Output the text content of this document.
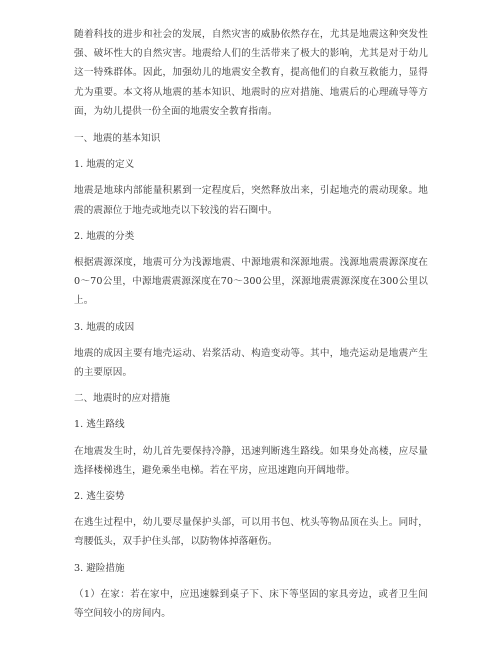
随着科技的进步和社会的发展，自然灾害的威胁依然存在，尤其是地震这种突发性强、破坏性大的自然灾害。地震给人们的生活带来了极大的影响，尤其是对于幼儿这一特殊群体。因此，加强幼儿的地震安全教育，提高他们的自救互救能力，显得尤为重要。本文将从地震的基本知识、地震时的应对措施、地震后的心理疏导等方面，为幼儿提供一份全面的地震安全教育指南。

一、地震的基本知识

1. 地震的定义

地震是地球内部能量积累到一定程度后，突然释放出来，引起地壳的震动现象。地震的震源位于地壳或地壳以下较浅的岩石圈中。

2. 地震的分类

根据震源深度，地震可分为浅源地震、中源地震和深源地震。浅源地震震源深度在0～70公里，中源地震震源深度在70～300公里，深源地震震源深度在300公里以上。

3. 地震的成因

地震的成因主要有地壳运动、岩浆活动、构造变动等。其中，地壳运动是地震产生的主要原因。

二、地震时的应对措施

1. 逃生路线

在地震发生时，幼儿首先要保持冷静，迅速判断逃生路线。如果身处高楼，应尽量选择楼梯逃生，避免乘坐电梯。若在平房，应迅速跑向开阔地带。

2. 逃生姿势

在逃生过程中，幼儿要尽量保护头部，可以用书包、枕头等物品顶在头上。同时，弯腰低头，双手护住头部，以防物体掉落砸伤。

3. 避险措施

（1）在家：若在家中，应迅速躲到桌子下、床下等坚固的家具旁边，或者卫生间等空间较小的房间内。
